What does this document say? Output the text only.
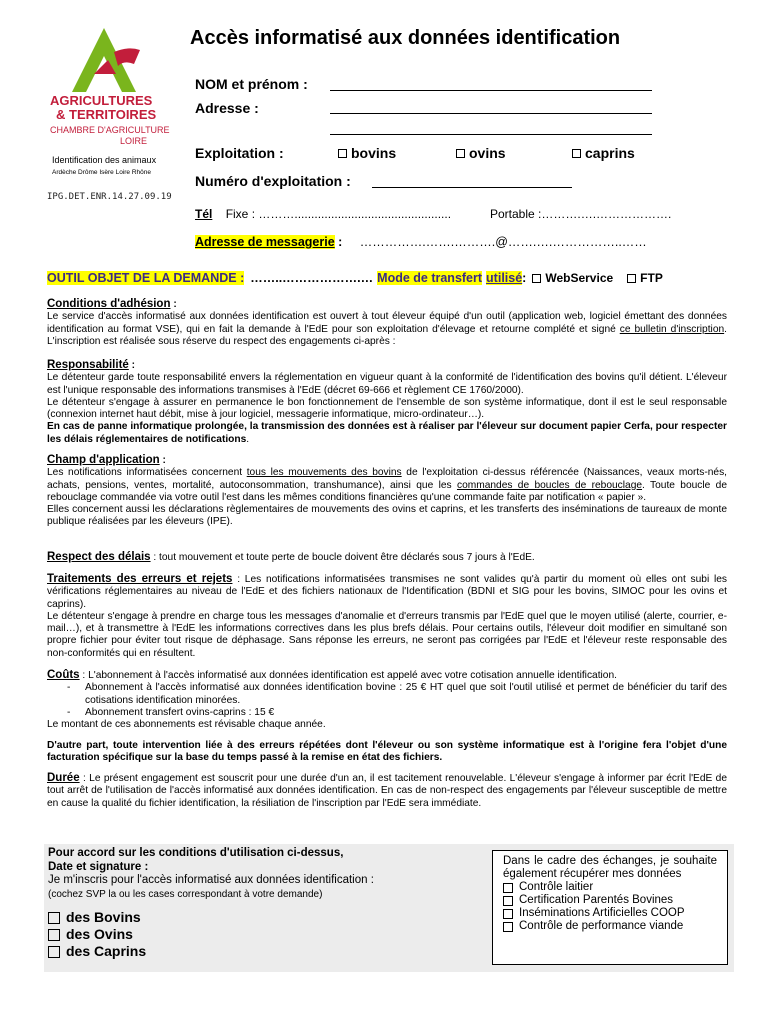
AGRICULTURES
& TERRITOIRES
CHAMBRE D'AGRICULTURE
LOIRE
Identification des animaux
Ardèche Drôme Isère Loire Rhône
IPG.DET.ENR.14.27.09.19
Accès informatisé aux données identification
NOM et prénom :
Adresse :
Exploitation :	bovins	ovins	caprins
Numéro d'exploitation :
Tél Fixe : ………...............................................	Portable :……….….……………….
Adresse de messagerie : …………….…….……….@…….….……………..……
OUTIL OBJET DE LA DEMANDE : ……..……………….… Mode de transfert utilisé : WebService FTP
Conditions d'adhésion :
Le service d'accès informatisé aux données identification est ouvert à tout éleveur équipé d'un outil (application web, logiciel émettant des données identification au format VSE), qui en fait la demande à l'EdE pour son exploitation d'élevage et retourne complété et signé ce bulletin d'inscription. L'inscription est réalisée sous réserve du respect des engagements ci-après :
Responsabilité :
Le détenteur garde toute responsabilité envers la réglementation en vigueur quant à la conformité de l'identification des bovins qu'il détient. L'éleveur est l'unique responsable des informations transmises à l'EdE (décret 69-666 et règlement CE 1760/2000).
Le détenteur s'engage à assurer en permanence le bon fonctionnement de l'ensemble de son système informatique, dont il est le seul responsable (connexion internet haut débit, mise à jour logiciel, messagerie informatique, micro-ordinateur…).
En cas de panne informatique prolongée, la transmission des données est à réaliser par l'éleveur sur document papier Cerfa, pour respecter les délais réglementaires de notifications.
Champ d'application :
Les notifications informatisées concernent tous les mouvements des bovins de l'exploitation ci-dessus référencée (Naissances, veaux morts-nés, achats, pensions, ventes, mortalité, autoconsommation, transhumance), ainsi que les commandes de boucles de rebouclage. Toute boucle de rebouclage commandée via votre outil l'est dans les mêmes conditions financières qu'une commande faite par notification « papier ».
Elles concernent aussi les déclarations règlementaires de mouvements des ovins et caprins, et les transferts des inséminations de taureaux de monte publique réalisées par les éleveurs (IPE).
Respect des délais : tout mouvement et toute perte de boucle doivent être déclarés sous 7 jours à l'EdE.
Traitements des erreurs et rejets : Les notifications informatisées transmises ne sont valides qu'à partir du moment où elles ont subi les vérifications réglementaires au niveau de l'EdE et des fichiers nationaux de l'Identification (BDNI et SIG pour les bovins, SIMOC pour les ovins et caprins).
Le détenteur s'engage à prendre en charge tous les messages d'anomalie et d'erreurs transmis par l'EdE quel que le moyen utilisé (alerte, courrier, e-mail…), et à transmettre à l'EdE les informations correctives dans les plus brefs délais. Pour certains outils, l'éleveur doit modifier en simultané son propre fichier pour éviter tout risque de déphasage. Sans réponse les erreurs, ne seront pas corrigées par l'EdE et l'éleveur reste responsable des non-conformités qui en résultent.
Coûts : L'abonnement à l'accès informatisé aux données identification est appelé avec votre cotisation annuelle identification.
-	Abonnement à l'accès informatisé aux données identification bovine : 25 € HT quel que soit l'outil utilisé et permet de bénéficier du tarif des cotisations identification minorées.
-	Abonnement transfert ovins-caprins : 15 €
Le montant de ces abonnements est révisable chaque année.
D'autre part, toute intervention liée à des erreurs répétées dont l'éleveur ou son système informatique est à l'origine fera l'objet d'une facturation spécifique sur la base du temps passé à la remise en état des fichiers.
Durée : Le présent engagement est souscrit pour une durée d'un an, il est tacitement renouvelable. L'éleveur s'engage à informer par écrit l'EdE de tout arrêt de l'utilisation de l'accès informatisé aux données identification. En cas de non-respect des engagements par l'éleveur susceptible de mettre en cause la qualité du fichier identification, la résiliation de l'inscription par l'EdE sera immédiate.
Pour accord sur les conditions d'utilisation ci-dessus,
Date et signature :
Je m'inscris pour l'accès informatisé aux données identification :
(cochez SVP la ou les cases correspondant à votre demande)
des Bovins
des Ovins
des Caprins
Dans le cadre des échanges, je souhaite également récupérer mes données
Contrôle laitier
Certification Parentés Bovines
Inséminations Artificielles COOP
Contrôle de performance viande
